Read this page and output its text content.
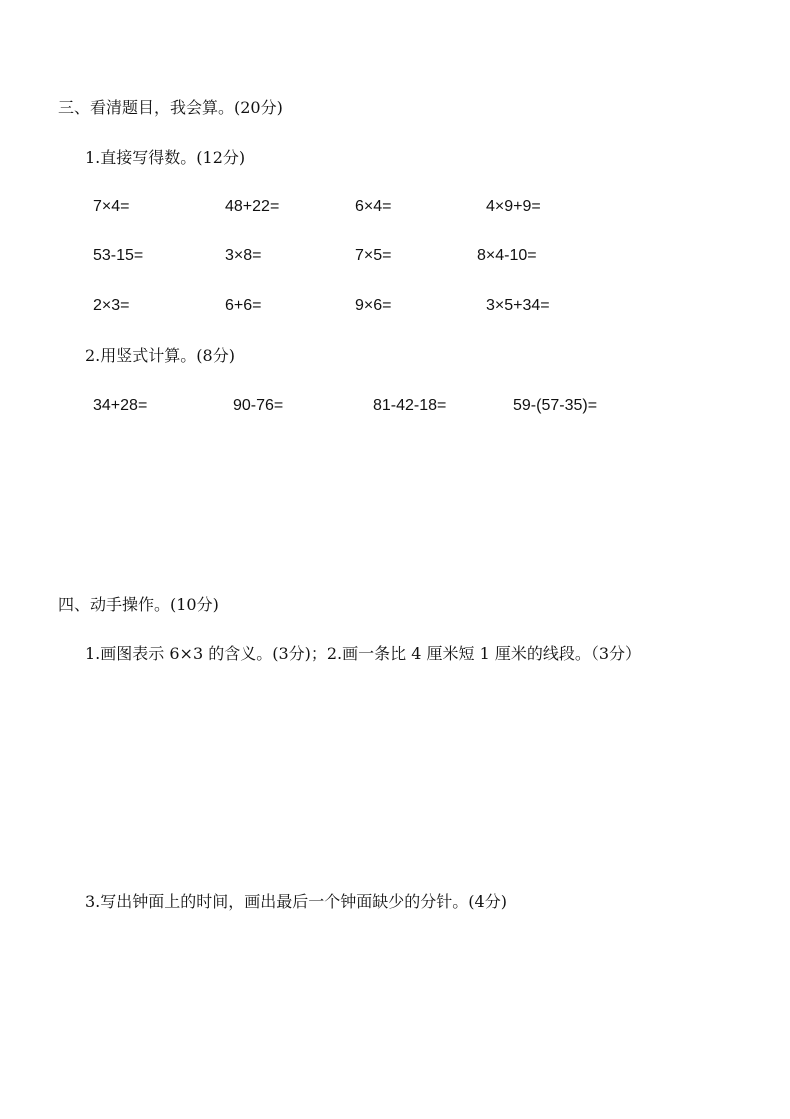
三、看清题目，我会算。(20分)
1.直接写得数。(12分)
7×4=	48+22=	6×4=	4×9+9=
53-15=	3×8=	7×5=	8×4-10=
2×3=	6+6=	9×6=	3×5+34=
2.用竖式计算。(8分)
34+28=	90-76=	81-42-18=	59-(57-35)=
四、动手操作。(10分)
1.画图表示 6×3 的含义。(3分)；2.画一条比 4 厘米短 1 厘米的线段。（3分）
3.写出钟面上的时间，画出最后一个钟面缺少的分针。(4分)
